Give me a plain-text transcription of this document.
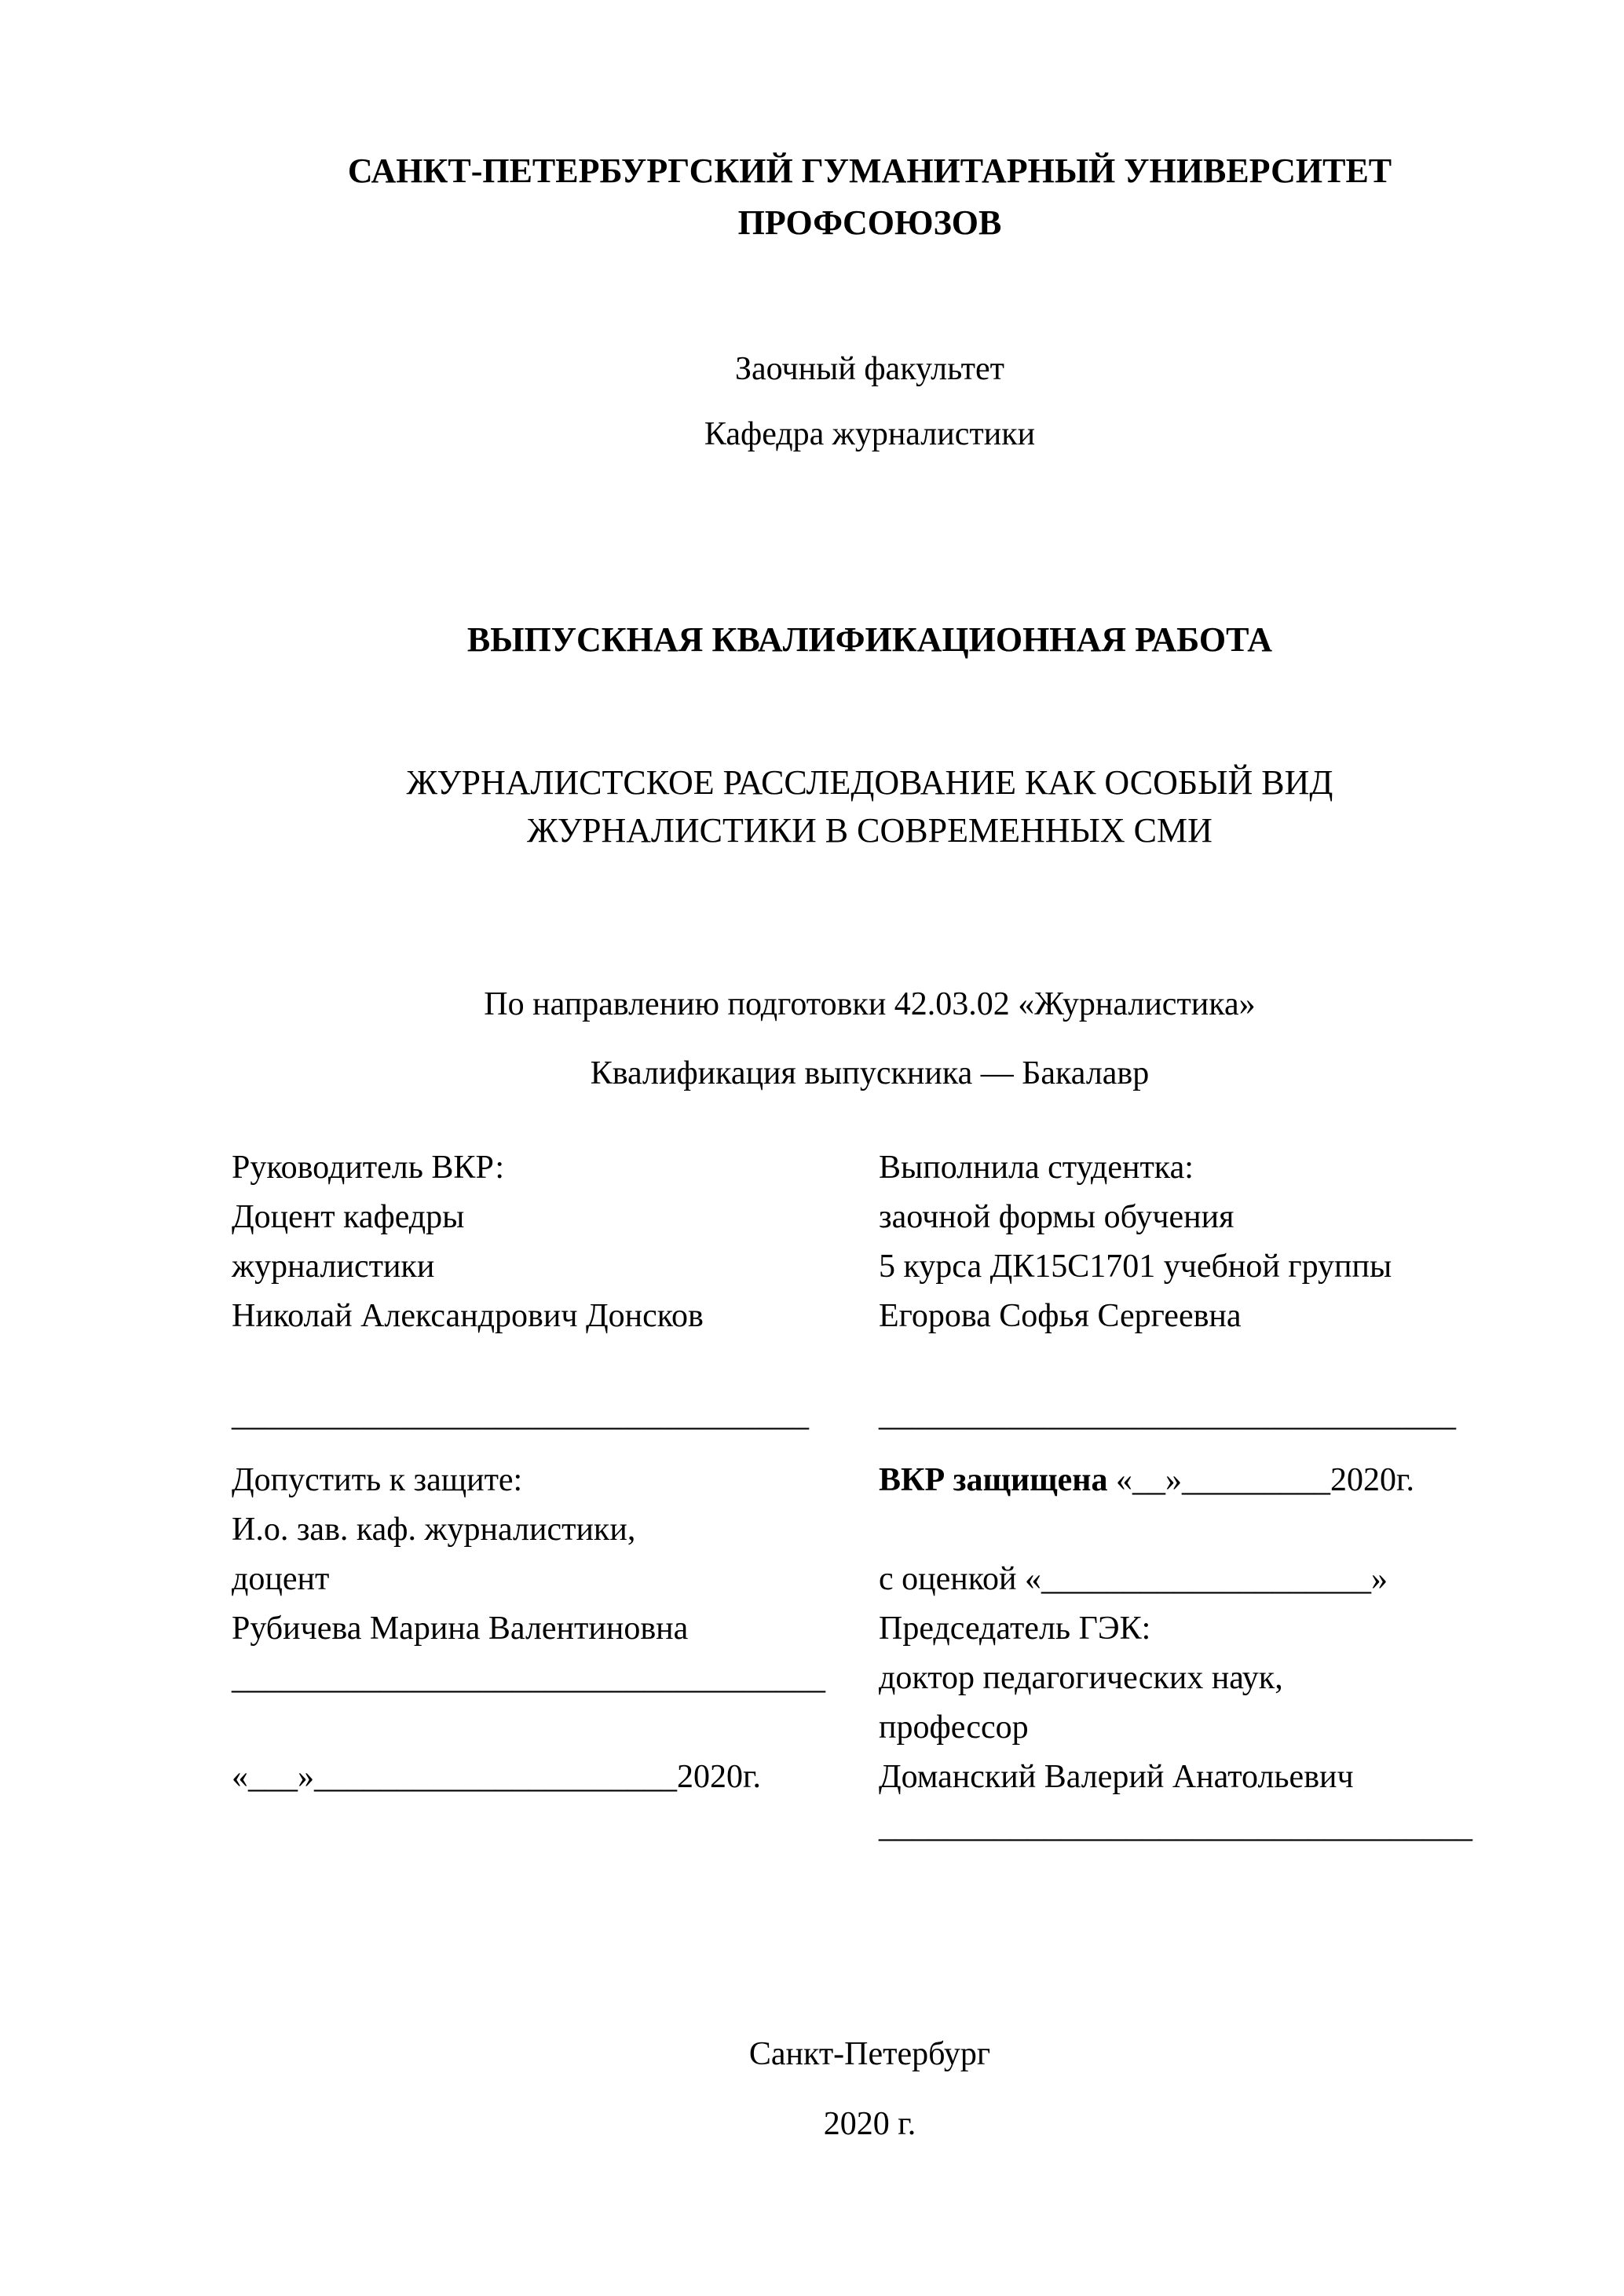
САНКТ-ПЕТЕРБУРГСКИЙ ГУМАНИТАРНЫЙ УНИВЕРСИТЕТ
ПРОФСОЮЗОВ
Заочный факультет
Кафедра журналистики
ВЫПУСКНАЯ КВАЛИФИКАЦИОННАЯ РАБОТА
ЖУРНАЛИСТСКОЕ РАССЛЕДОВАНИЕ КАК ОСОБЫЙ ВИД
ЖУРНАЛИСТИКИ В СОВРЕМЕННЫХ СМИ
По направлению подготовки 42.03.02 «Журналистика»
Квалификация выпускника — Бакалавр
Руководитель ВКР:
Доцент кафедры
журналистики
Николай Александрович Донсков
___________________________________
Выполнила студентка:
заочной формы обучения
5 курса ДК15С1701 учебной группы
Егорова Софья Сергеевна
___________________________________
Допустить к защите:
И.о. зав. каф. журналистики,
доцент
Рубичева Марина Валентиновна
____________________________________
«___»______________________2020г.
ВКР защищена «__»_________2020г.
с оценкой «____________________»
Председатель ГЭК:
доктор педагогических наук,
профессор
Доманский Валерий Анатольевич
____________________________________
Санкт-Петербург
2020 г.
